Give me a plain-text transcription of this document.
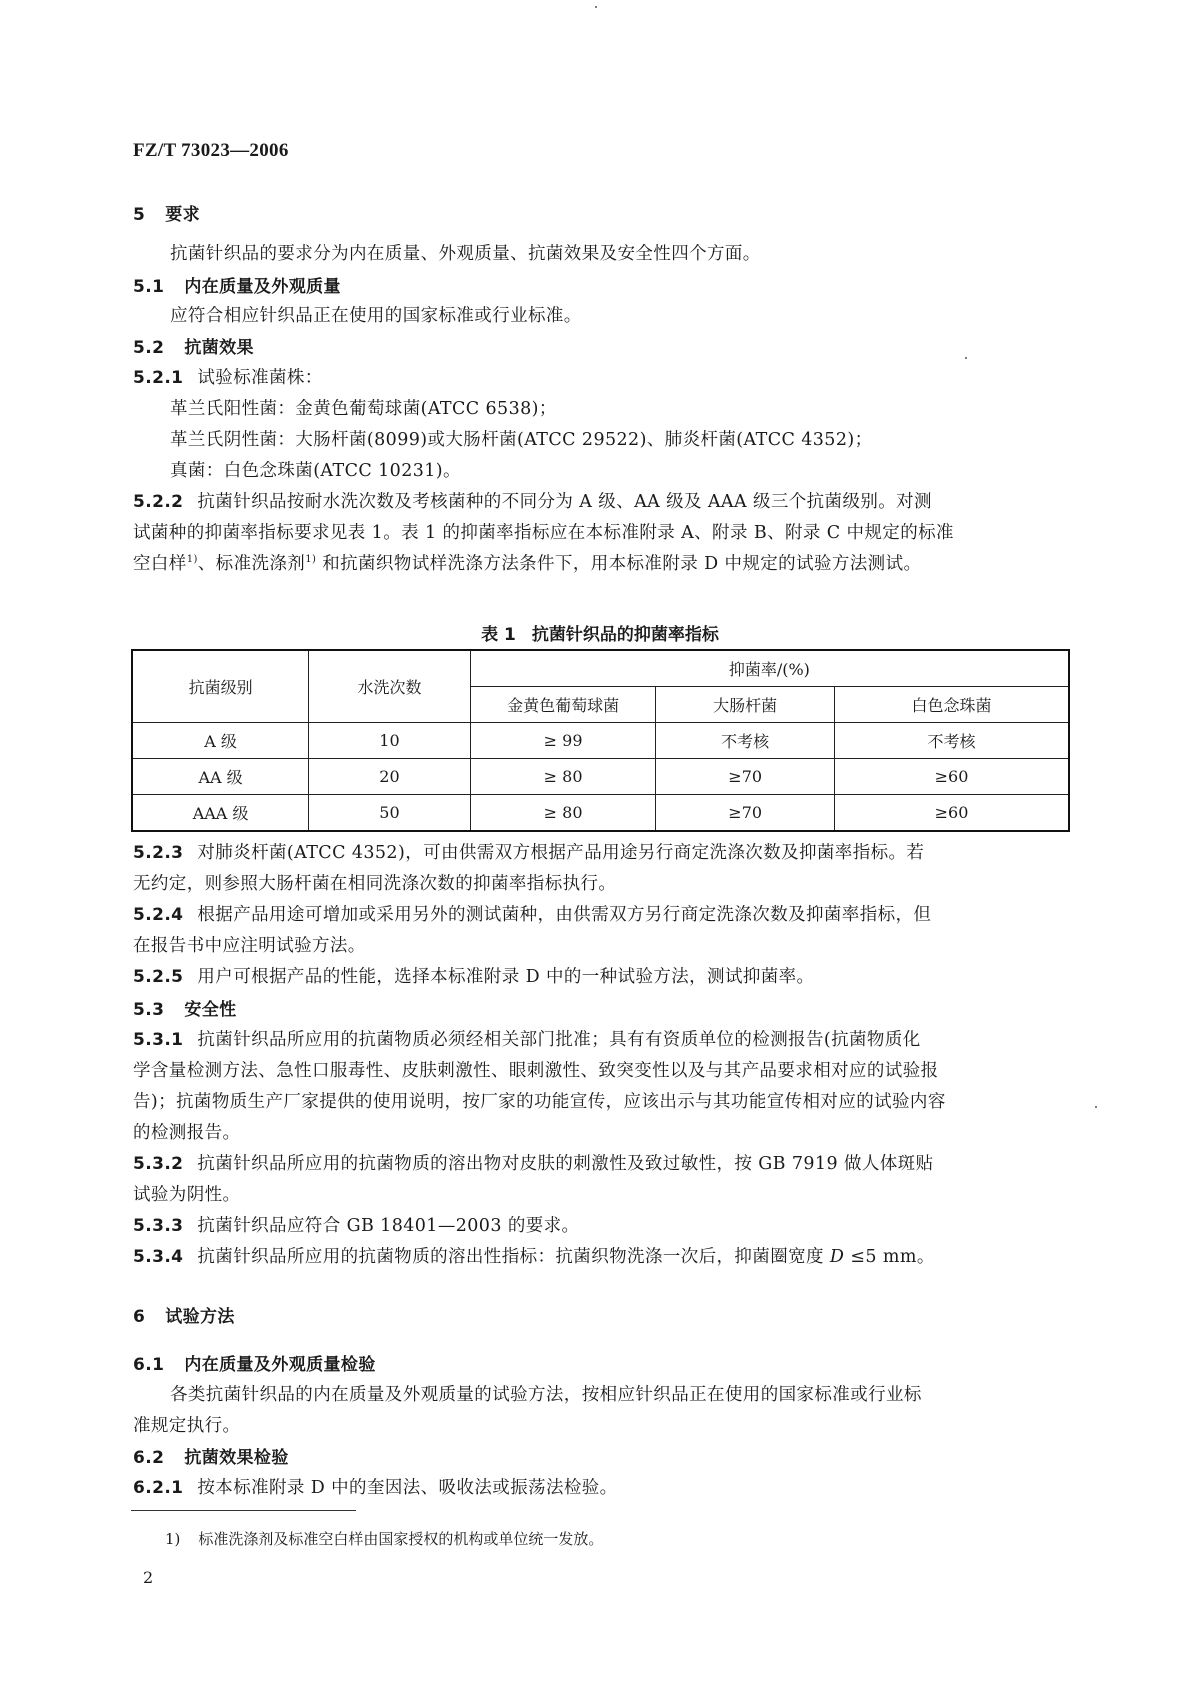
FZ/T 73023—2006
5 要求
抗菌针织品的要求分为内在质量、外观质量、抗菌效果及安全性四个方面。
5.1 内在质量及外观质量
应符合相应针织品正在使用的国家标准或行业标准。
5.2 抗菌效果
5.2.1 试验标准菌株：
革兰氏阳性菌：金黄色葡萄球菌(ATCC 6538)；
革兰氏阴性菌：大肠杆菌(8099)或大肠杆菌(ATCC 29522)、肺炎杆菌(ATCC 4352)；
真菌：白色念珠菌(ATCC 10231)。
5.2.2 抗菌针织品按耐水洗次数及考核菌种的不同分为 A 级、AA 级及 AAA 级三个抗菌级别。对测
试菌种的抑菌率指标要求见表 1。表 1 的抑菌率指标应在本标准附录 A、附录 B、附录 C 中规定的标准
空白样$^{1)}$、标准洗涤剂$^{1)}$ 和抗菌织物试样洗涤方法条件下，用本标准附录 D 中规定的试验方法测试。
表 1 抗菌针织品的抑菌率指标
抗菌级别	水洗次数	抑菌率/(%)		
		金黄色葡萄球菌	大肠杆菌	白色念珠菌
A 级	10	≥ 99	不考核	不考核
AA 级	20	≥ 80	≥70	≥60
AAA 级	50	≥ 80	≥70	≥60
5.2.3 对肺炎杆菌(ATCC 4352)，可由供需双方根据产品用途另行商定洗涤次数及抑菌率指标。若
无约定，则参照大肠杆菌在相同洗涤次数的抑菌率指标执行。
5.2.4 根据产品用途可增加或采用另外的测试菌种，由供需双方另行商定洗涤次数及抑菌率指标，但
在报告书中应注明试验方法。
5.2.5 用户可根据产品的性能，选择本标准附录 D 中的一种试验方法，测试抑菌率。
5.3 安全性
5.3.1 抗菌针织品所应用的抗菌物质必须经相关部门批准；具有有资质单位的检测报告(抗菌物质化
学含量检测方法、急性口服毒性、皮肤刺激性、眼刺激性、致突变性以及与其产品要求相对应的试验报
告)；抗菌物质生产厂家提供的使用说明，按厂家的功能宣传，应该出示与其功能宣传相对应的试验内容
的检测报告。
5.3.2 抗菌针织品所应用的抗菌物质的溶出物对皮肤的刺激性及致过敏性，按 GB 7919 做人体斑贴
试验为阴性。
5.3.3 抗菌针织品应符合 GB 18401—2003 的要求。
5.3.4 抗菌针织品所应用的抗菌物质的溶出性指标：抗菌织物洗涤一次后，抑菌圈宽度 D ≤5 mm。
6 试验方法
6.1 内在质量及外观质量检验
各类抗菌针织品的内在质量及外观质量的试验方法，按相应针织品正在使用的国家标准或行业标
准规定执行。
6.2 抗菌效果检验
6.2.1 按本标准附录 D 中的奎因法、吸收法或振荡法检验。
1) 标准洗涤剂及标准空白样由国家授权的机构或单位统一发放。
2
